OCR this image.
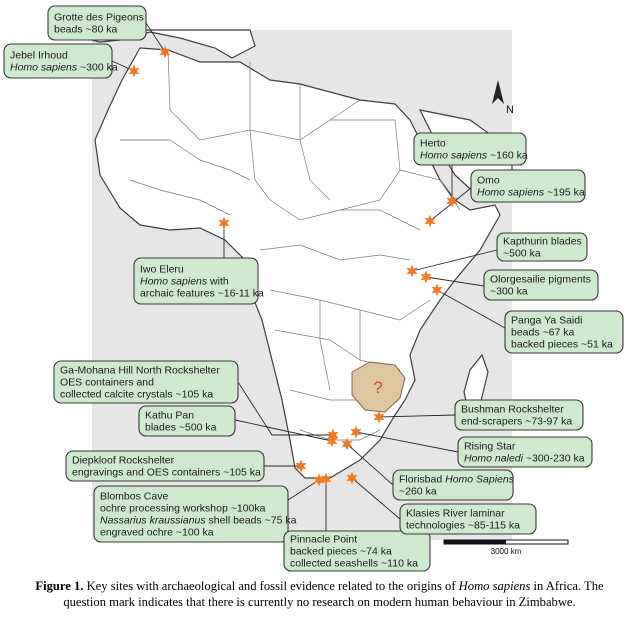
?
N
3000 km
Grotte des Pigeons
beads ~80 ka
Jebel Irhoud
Homo sapiens ~300 ka
Herto
Homo sapiens ~160 ka
Omo
Homo sapiens ~195 ka
Kapthurin blades
~500 ka
Olorgesailie pigments
~300 ka
Panga Ya Saidi
beads ~67 ka
backed pieces ~51 ka
Iwo Eleru
Homo sapiens with
archaic features ~16-11 ka
Ga-Mohana Hill North Rockshelter
OES containers and
collected calcite crystals ~105 ka
Kathu Pan
blades ~500 ka
Diepkloof Rockshelter
engravings and OES containers ~105 ka
Blombos Cave
ochre processing workshop ~100ka
Nassarius kraussianus shell beads ~75 ka
engraved ochre ~100 ka
Pinnacle Point
backed pieces ~74 ka
collected seashells ~110 ka
Bushman Rockshelter
end-scrapers ~73-97 ka
Rising Star
Homo naledi ~300-230 ka
Florisbad Homo Sapiens
~260 ka
Klasies River laminar
technologies ~85-115 ka
Figure 1. Key sites with archaeological and fossil evidence related to the origins of Homo sapiens in Africa. The question mark indicates that there is currently no research on modern human behaviour in Zimbabwe.
